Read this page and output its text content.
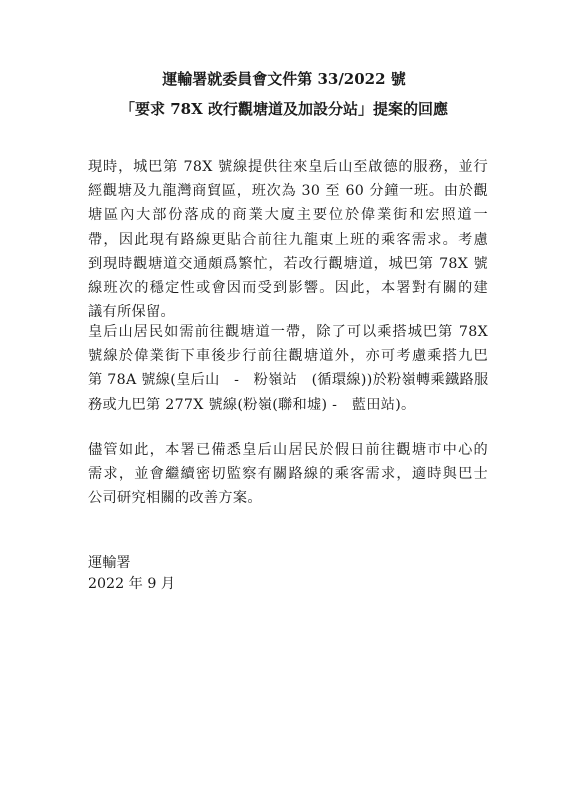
運輸署就委員會文件第 33/2022 號
「要求 78X 改行觀塘道及加設分站」提案的回應
現時，城巴第 78X 號線提供往來皇后山至啟德的服務，並行
經觀塘及九龍灣商貿區，班次為 30 至 60 分鐘一班。由於觀
塘區內大部份落成的商業大廈主要位於偉業街和宏照道一
帶，因此現有路線更貼合前往九龍東上班的乘客需求。考慮
到現時觀塘道交通頗爲繁忙，若改行觀塘道，城巴第 78X 號
線班次的穩定性或會因而受到影響。因此，本署對有關的建
議有所保留。
皇后山居民如需前往觀塘道一帶，除了可以乘搭城巴第 78X
號線於偉業街下車後步行前往觀塘道外，亦可考慮乘搭九巴
第 78A 號線(皇后山　-　粉嶺站　(循環線))於粉嶺轉乘鐵路服
務或九巴第 277X 號線(粉嶺(聯和墟) -　藍田站)。
儘管如此，本署已備悉皇后山居民於假日前往觀塘市中心的
需求，並會繼續密切監察有關路線的乘客需求，適時與巴士
公司研究相關的改善方案。
運輸署
2022 年 9 月
